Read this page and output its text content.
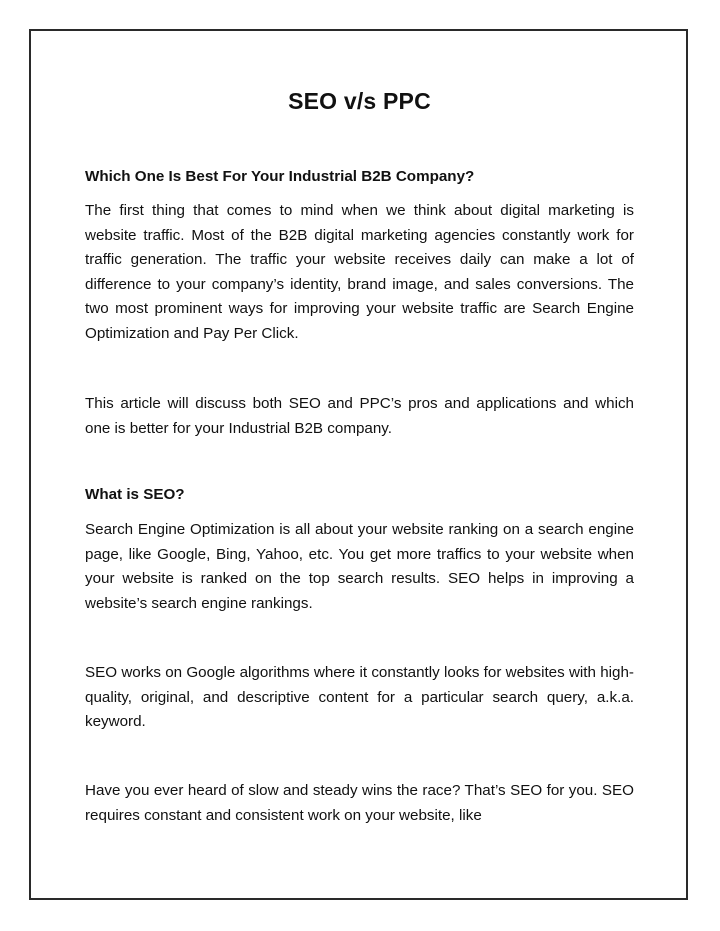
SEO v/s PPC
Which One Is Best For Your Industrial B2B Company?

The first thing that comes to mind when we think about digital marketing is website traffic. Most of the B2B digital marketing agencies constantly work for traffic generation. The traffic your website receives daily can make a lot of difference to your company’s identity, brand image, and sales conversions. The two most prominent ways for improving your website traffic are Search Engine Optimization and Pay Per Click.

This article will discuss both SEO and PPC’s pros and applications and which one is better for your Industrial B2B company.

What is SEO?

Search Engine Optimization is all about your website ranking on a search engine page, like Google, Bing, Yahoo, etc. You get more traffics to your website when your website is ranked on the top search results. SEO helps in improving a website’s search engine rankings.

SEO works on Google algorithms where it constantly looks for websites with high-quality, original, and descriptive content for a particular search query, a.k.a. keyword.

Have you ever heard of slow and steady wins the race? That’s SEO for you. SEO requires constant and consistent work on your website, like
